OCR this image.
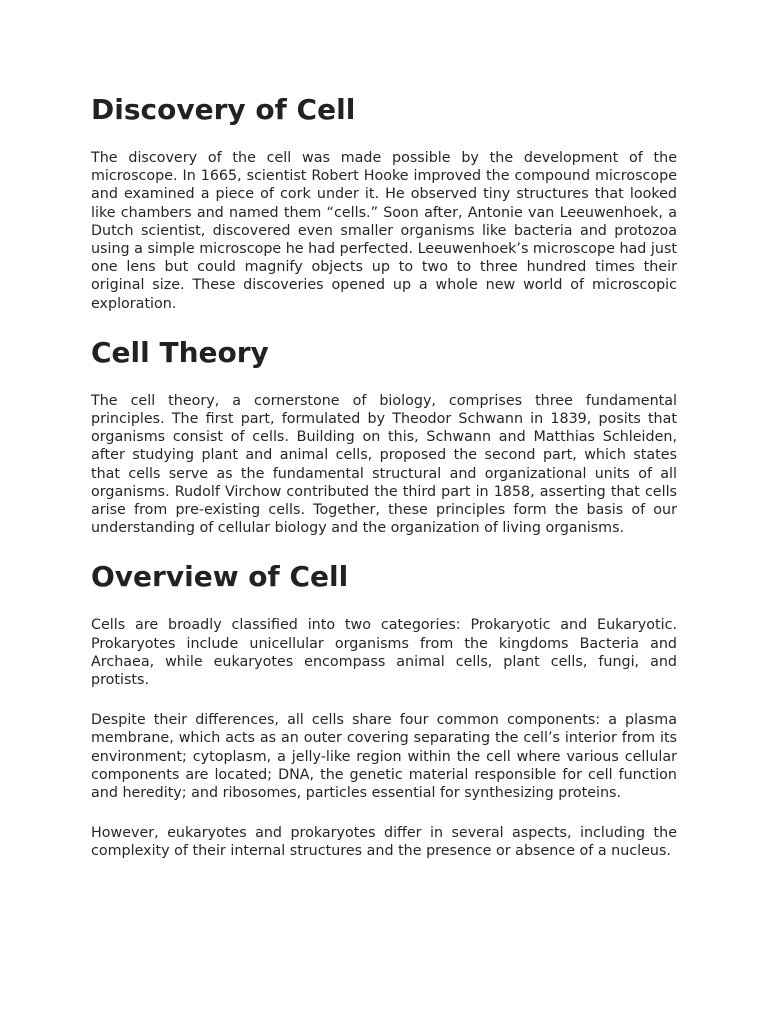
Discovery of Cell

The discovery of the cell was made possible by the development of the microscope. In 1665, scientist Robert Hooke improved the compound microscope and examined a piece of cork under it. He observed tiny structures that looked like chambers and named them “cells.” Soon after, Antonie van Leeuwenhoek, a Dutch scientist, discovered even smaller organisms like bacteria and protozoa using a simple microscope he had perfected. Leeuwenhoek’s microscope had just one lens but could magnify objects up to two to three hundred times their original size. These discoveries opened up a whole new world of microscopic exploration.

Cell Theory

The cell theory, a cornerstone of biology, comprises three fundamental principles. The first part, formulated by Theodor Schwann in 1839, posits that organisms consist of cells. Building on this, Schwann and Matthias Schleiden, after studying plant and animal cells, proposed the second part, which states that cells serve as the fundamental structural and organizational units of all organisms. Rudolf Virchow contributed the third part in 1858, asserting that cells arise from pre-existing cells. Together, these principles form the basis of our understanding of cellular biology and the organization of living organisms.

Overview of Cell

Cells are broadly classified into two categories: Prokaryotic and Eukaryotic. Prokaryotes include unicellular organisms from the kingdoms Bacteria and Archaea, while eukaryotes encompass animal cells, plant cells, fungi, and protists.

Despite their differences, all cells share four common components: a plasma membrane, which acts as an outer covering separating the cell’s interior from its environment; cytoplasm, a jelly-like region within the cell where various cellular components are located; DNA, the genetic material responsible for cell function and heredity; and ribosomes, particles essential for synthesizing proteins.

However, eukaryotes and prokaryotes differ in several aspects, including the complexity of their internal structures and the presence or absence of a nucleus.
